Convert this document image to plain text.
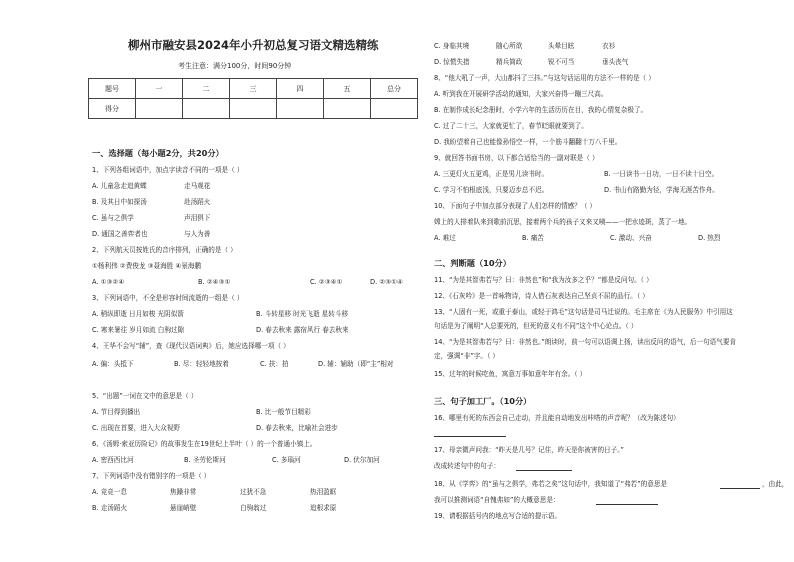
柳州市融安县2024年小升初总复习语文精选精练
考生注意：满分100分，时间90分钟
题号	一	二	三	四	五	总分
得分						
一、选择题（每小题2分，共20分）
1、下列各组词语中，加点字读音不同的一项是（ ）
A. 儿童急走追黄蝶	走马观花
B. 及其日中如探汤	赴汤蹈火
C. 虽与之俱学	声泪俱下
D. 通国之善弈者也	与人为善
2、下列航天员按姓氏的音序排列，正确的是（ ）
①杨利伟 ②费俊龙 ③聂海胜 ④景海鹏
A. ①③②④	B. ②④③①	C. ②③④①	D. ②③①④
3、下列词语中，不全是形容时间流逝的一组是（ ）
A. 稍纵即逝 日月如梭 光阴似箭	B. 斗转星移 时光飞逝 星转斗移
C. 寒来暑往 岁月如流 白驹过隙	D. 春去秋来 露宿风行 春去秋来
4、王华不会写“辅”，查《现代汉语词典》后，她应选择哪一项（ ）
A. 偏：头抵下	B. 尽：轻轻地按着	C. 扶：拍	D. 辅：辅助（即“主”相对
5、“出题”一词在文中的意思是（ ）
A. 节目得到播出	B. 比一般节目精彩
C. 出现在首要，进入大众视野	D. 春去秋来，比喻社会进步
6、《汤姆·索亚历险记》的故事发生在19世纪上半叶（ ）的一个普通小镇上。
A. 密西西比河	B. 圣劳伦斯河	C. 多瑙河	D. 伏尔加河
7、下列词语中没有错别字的一项是（ ）
A. 竞竞一息	焦躁非常	过犹不急	热泪盈眶
B. 走汤蹈火	悬崖峭壁	白驹翁过	追根求原
C. 身临其境	随心所欲	头晕目眩	衣衫
D. 惊慌失措	精兵简政	锐不可当	垂头丧气
8、“他大吼了一声，大山都抖了三抖。”与这句话运用的方法不一样的是（ ）
A. 听到我在开展研学活动的通知，大家兴奋得一蹦三尺高。
B. 在制作成长纪念册时，小学六年的生活历历在目，我的心情复杂极了。
C. 过了二十三，大家就更忙了，春节眨眼就要到了。
D. 我盼望着自己也能像孙悟空一样，一个筋斗翻翻十万八千里。
9、就回答书面书房，以下都合适恰当的一副对联是（ ）
A. 三更灯火五更鸡，正是男儿读书时。	B. 一日读书一日功，一日不读十日空。
C. 学习不怕根底浅，只要迈步总不迟。	D. 书山有路勤为径，学海无涯苦作舟。
10、下面句子中加点部分表现了人们怎样的情感？（ ）
嫦上的人排着队来到歌前沉思，接着两个兵的孩子又来又咦——一把水迹斑，蒸了一地。
A. 难过	B. 痛苦	C. 激动、兴奋	D. 热烈
二、判断题（10分）
11、“为是其智弗若与？曰：非然也”和“我为汝多之乎？”都是反问句。（ ）
12、《石灰吟》是一首咏物诗，诗人借石灰表达自己坚贞不屈的品行。（ ）
13、“人固有一死，或重于泰山，或轻于鸿毛”这句话是司马迁说的。毛主席在《为人民服务》中引用这
句话是为了阐明“人总要死的，但死的意义有不同”这个中心论点。（ ）
14、“为是其智弗若与？曰：非然也。”朗读时，前一句可以语调上扬，读出反问的语气，后一句语气要肯
定，强调“非”字。（ ）
15、过年的时候吃鱼，寓意万事如意年年有余。（ ）
三、句子加工厂。（10分）
16、哪里有死的东西会自己走动，并且能自动地发出咔嗒的声音呢？（改为陈述句）
17、母亲微声问我：“昨天是几号？记住，昨天是你被害的日子。”
改成转述句中的句子：
18、从《学弈》的“虽与之俱学，弗若之矣”这句话中，我知道了“弗若”的意思是	，由此，
我可以推测词语“自愧弗如”的大概意思是：
19、请根据括号内的地点写合适的提示语。
